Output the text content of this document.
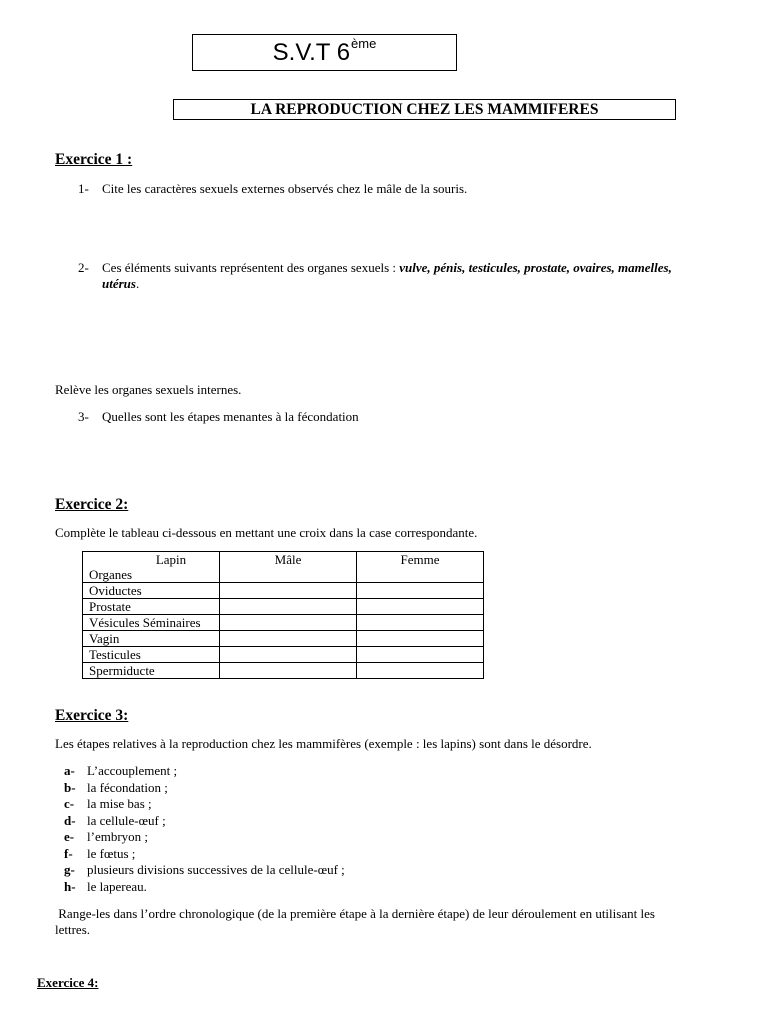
S.V.T 6ème
LA REPRODUCTION CHEZ LES MAMMIFERES
Exercice 1 :
1- Cite les caractères sexuels externes observés chez le mâle de la souris.
2- Ces éléments suivants représentent des organes sexuels : vulve, pénis, testicules, prostate, ovaires, mamelles,
utérus.
Relève les organes sexuels internes.
3- Quelles sont les étapes menantes à la fécondation
Exercice 2:
Complète le tableau ci-dessous en mettant une croix dans la case correspondante.
Lapin
Organes	Mâle	Femme
Oviductes		
Prostate		
Vésicules Séminaires		
Vagin		
Testicules		
Spermiducte		
Exercice 3:
Les étapes relatives à la reproduction chez les mammifères (exemple : les lapins) sont dans le désordre.
a- L’accouplement ;
b- la fécondation ;
c- la mise bas ;
d- la cellule-œuf ;
e- l’embryon ;
f- le fœtus ;
g- plusieurs divisions successives de la cellule-œuf ;
h- le lapereau.
Range-les dans l’ordre chronologique (de la première étape à la dernière étape) de leur déroulement en utilisant les
lettres.
Exercice 4:
